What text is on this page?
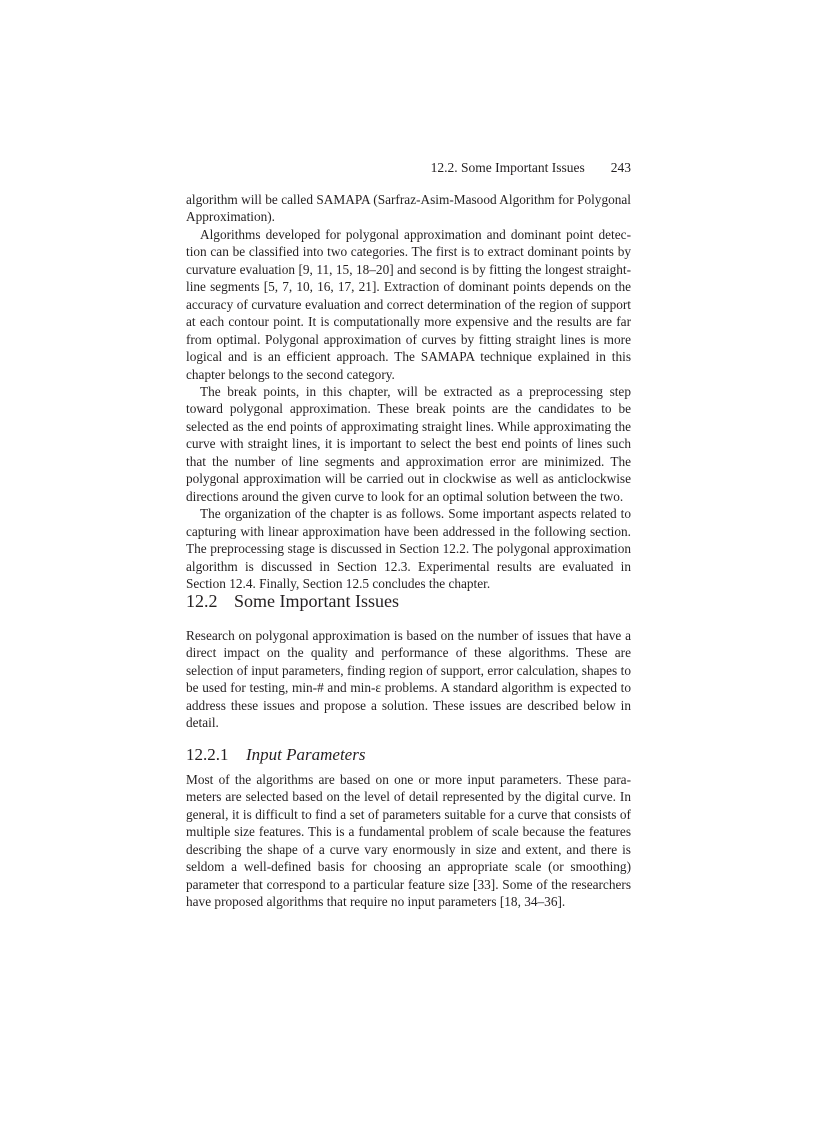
12.2. Some Important Issues 243

algorithm will be called SAMAPA (Sarfraz-Asim-Masood Algorithm for Polygonal Approximation).

Algorithms developed for polygonal approximation and dominant point detection can be classified into two categories. The first is to extract dominant points by curvature evaluation [9, 11, 15, 18–20] and second is by fitting the longest straight-line segments [5, 7, 10, 16, 17, 21]. Extraction of dominant points depends on the accuracy of curvature evaluation and correct determination of the region of support at each contour point. It is computationally more expensive and the results are far from optimal. Polygonal approximation of curves by fitting straight lines is more logical and is an efficient approach. The SAMAPA technique explained in this chapter belongs to the second category.

The break points, in this chapter, will be extracted as a preprocessing step toward polygonal approximation. These break points are the candidates to be selected as the end points of approximating straight lines. While approximating the curve with straight lines, it is important to select the best end points of lines such that the number of line segments and approximation error are minimized. The polygonal approximation will be carried out in clockwise as well as anticlockwise directions around the given curve to look for an optimal solution between the two.

The organization of the chapter is as follows. Some important aspects related to capturing with linear approximation have been addressed in the following section. The preprocessing stage is discussed in Section 12.2. The polygonal approximation algorithm is discussed in Section 12.3. Experimental results are evaluated in Section 12.4. Finally, Section 12.5 concludes the chapter.

12.2 Some Important Issues

Research on polygonal approximation is based on the number of issues that have a direct impact on the quality and performance of these algorithms. These are selection of input parameters, finding region of support, error calculation, shapes to be used for testing, min-# and min-ε problems. A standard algorithm is expected to address these issues and propose a solution. These issues are described below in detail.

12.2.1 Input Parameters

Most of the algorithms are based on one or more input parameters. These parameters are selected based on the level of detail represented by the digital curve. In general, it is difficult to find a set of parameters suitable for a curve that consists of multiple size features. This is a fundamental problem of scale because the features describing the shape of a curve vary enormously in size and extent, and there is seldom a well-defined basis for choosing an appropriate scale (or smoothing) parameter that correspond to a particular feature size [33]. Some of the researchers have proposed algorithms that require no input parameters [18, 34–36].
